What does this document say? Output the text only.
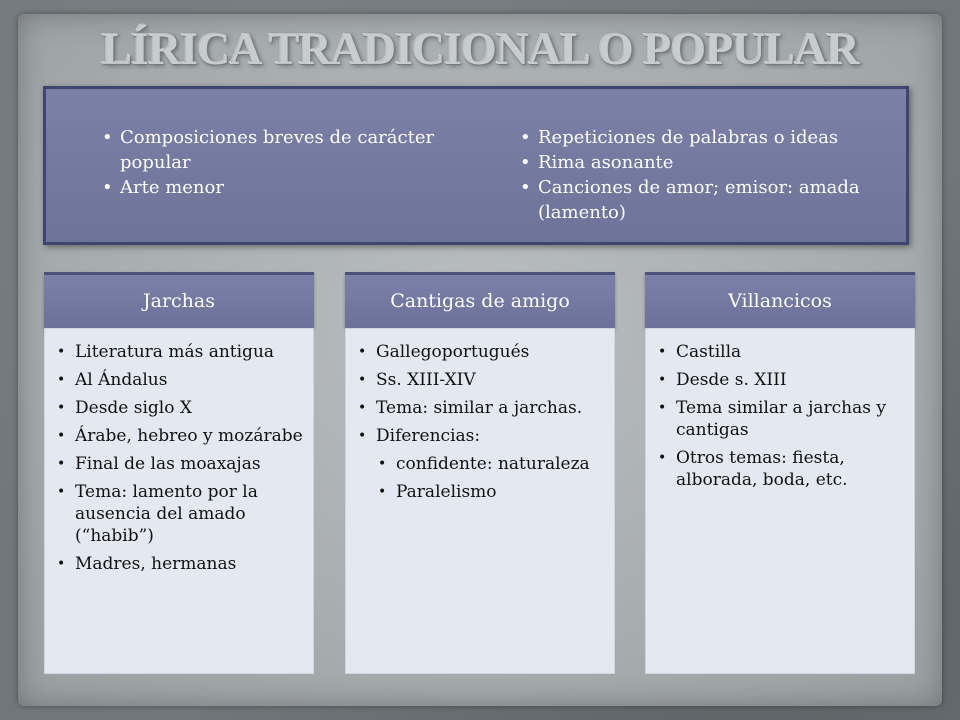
LÍRICA TRADICIONAL O POPULAR
• Composiciones breves de carácter popular
• Arte menor
• Repeticiones de palabras o ideas
• Rima asonante
• Canciones de amor; emisor: amada (lamento)
Jarchas
• Literatura más antigua
• Al Ándalus
• Desde siglo X
• Árabe, hebreo y mozárabe
• Final de las moaxajas
• Tema: lamento por la ausencia del amado (“habib”)
• Madres, hermanas
Cantigas de amigo
• Gallegoportugués
• Ss. XIII-XIV
• Tema: similar a jarchas.
• Diferencias:
• confidente: naturaleza
• Paralelismo
Villancicos
• Castilla
• Desde s. XIII
• Tema similar a jarchas y cantigas
• Otros temas: fiesta, alborada, boda, etc.
